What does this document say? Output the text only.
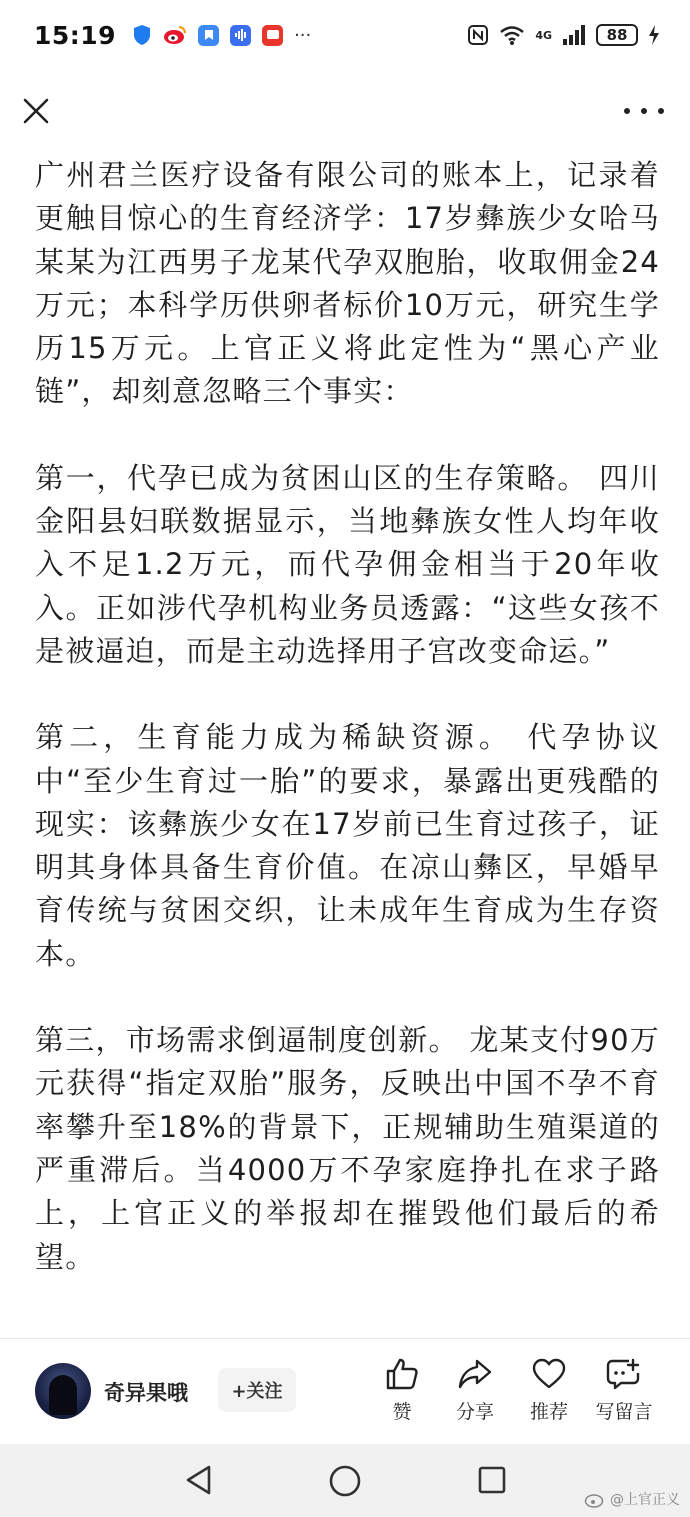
15:19	···	4G	88

广州君兰医疗设备有限公司的账本上，记录着更触目惊心的生育经济学：17岁彝族少女哈马某某为江西男子龙某代孕双胞胎，收取佣金24万元；本科学历供卵者标价10万元，研究生学历15万元。上官正义将此定性为“黑心产业链”，却刻意忽略三个事实：

第一，代孕已成为贫困山区的生存策略。 四川金阳县妇联数据显示，当地彝族女性人均年收入不足1.2万元，而代孕佣金相当于20年收入。正如涉代孕机构业务员透露：“这些女孩不是被逼迫，而是主动选择用子宫改变命运。”

第二，生育能力成为稀缺资源。 代孕协议中“至少生育过一胎”的要求，暴露出更残酷的现实：该彝族少女在17岁前已生育过孩子，证明其身体具备生育价值。在凉山彝区，早婚早育传统与贫困交织，让未成年生育成为生存资本。

第三，市场需求倒逼制度创新。 龙某支付90万元获得“指定双胎”服务，反映出中国不孕不育率攀升至18%的背景下，正规辅助生殖渠道的严重滞后。当4000万不孕家庭挣扎在求子路上，上官正义的举报却在摧毁他们最后的希望。

奇异果哦	+关注
赞	分享	推荐	写留言
@上官正义
